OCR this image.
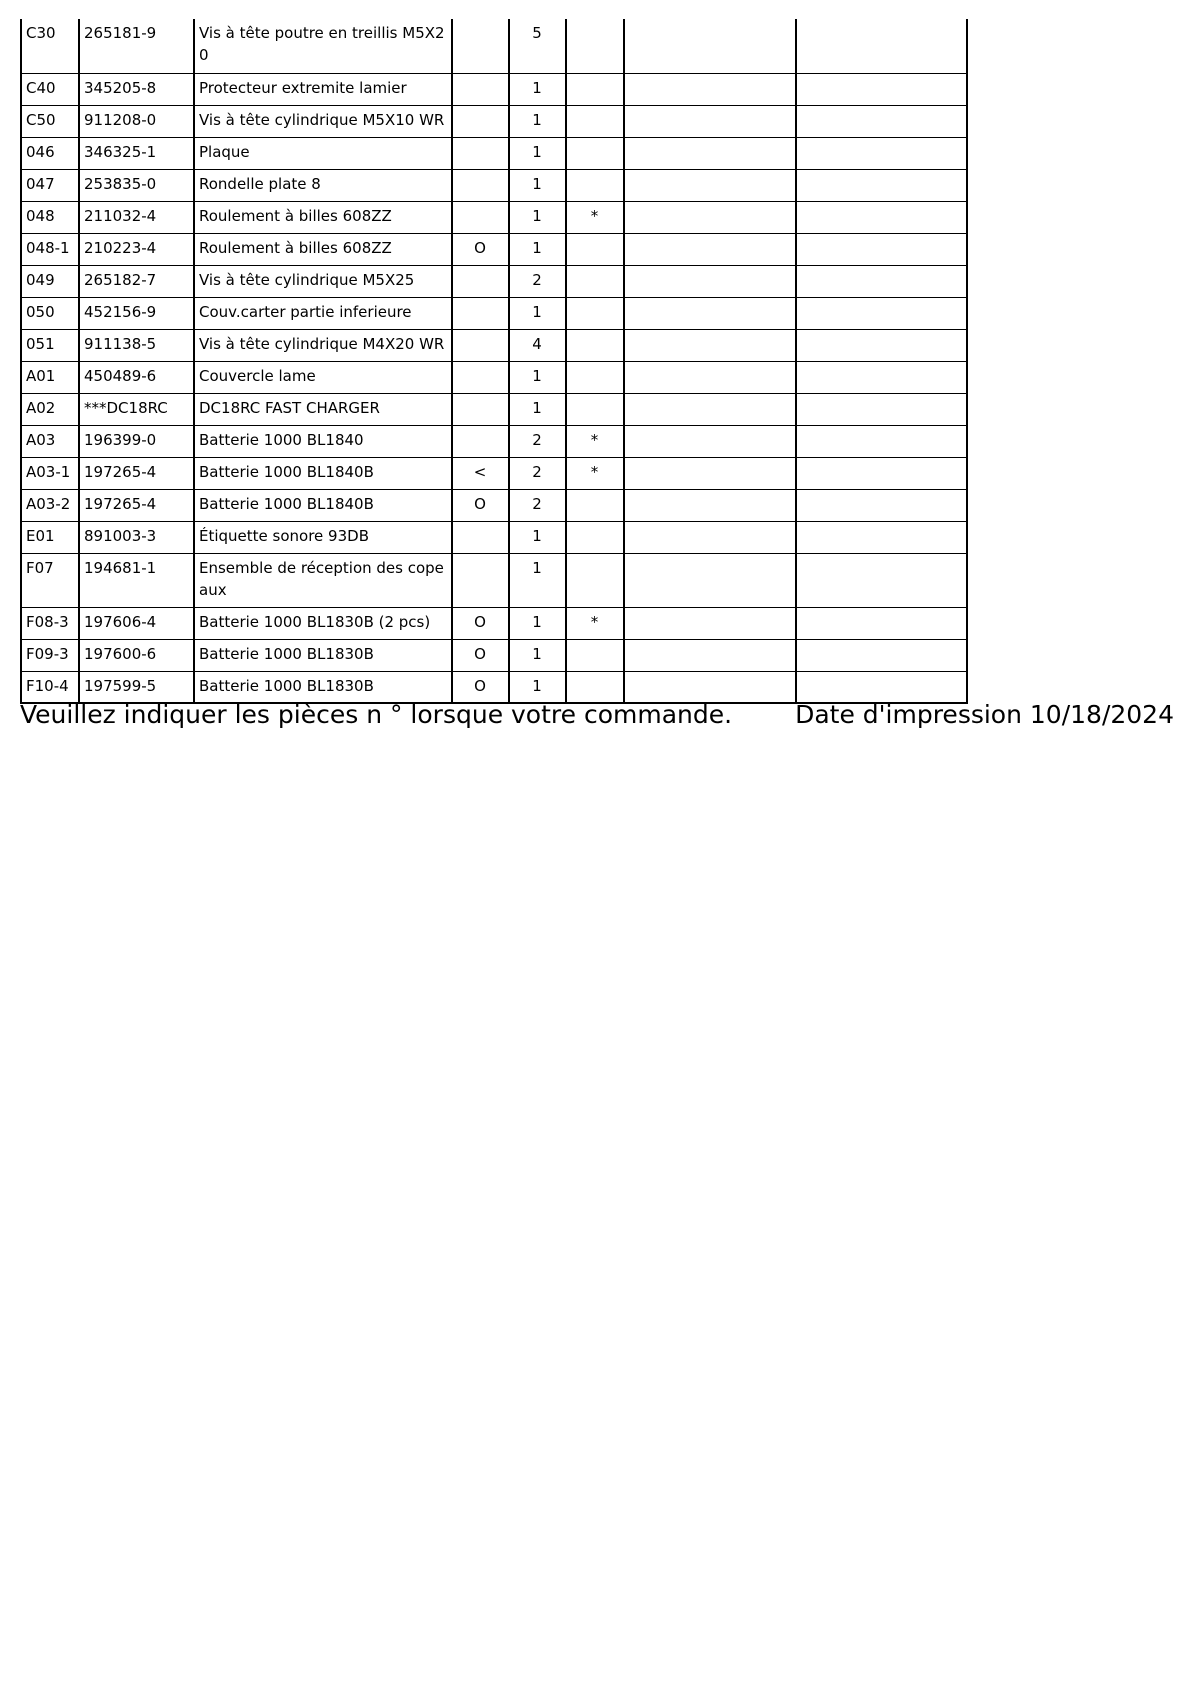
C30	265181-9	Vis à tête poutre en treillis M5X20		5			
C40	345205-8	Protecteur extremite lamier		1			
C50	911208-0	Vis à tête cylindrique M5X10 WR		1			
046	346325-1	Plaque		1			
047	253835-0	Rondelle plate 8		1			
048	211032-4	Roulement à billes 608ZZ		1	*		
048-1	210223-4	Roulement à billes 608ZZ	O	1			
049	265182-7	Vis à tête cylindrique M5X25		2			
050	452156-9	Couv.carter partie inferieure		1			
051	911138-5	Vis à tête cylindrique M4X20 WR		4			
A01	450489-6	Couvercle lame		1			
A02	***DC18RC	DC18RC FAST CHARGER		1			
A03	196399-0	Batterie 1000 BL1840		2	*		
A03-1	197265-4	Batterie 1000 BL1840B	<	2	*		
A03-2	197265-4	Batterie 1000 BL1840B	O	2			
E01	891003-3	Étiquette sonore 93DB		1			
F07	194681-1	Ensemble de réception des copeaux		1			
F08-3	197606-4	Batterie 1000 BL1830B (2 pcs)	O	1	*		
F09-3	197600-6	Batterie 1000 BL1830B	O	1			
F10-4	197599-5	Batterie 1000 BL1830B	O	1			
Veuillez indiquer les pièces n ° lorsque votre commande.	Date d'impression 10/18/2024
